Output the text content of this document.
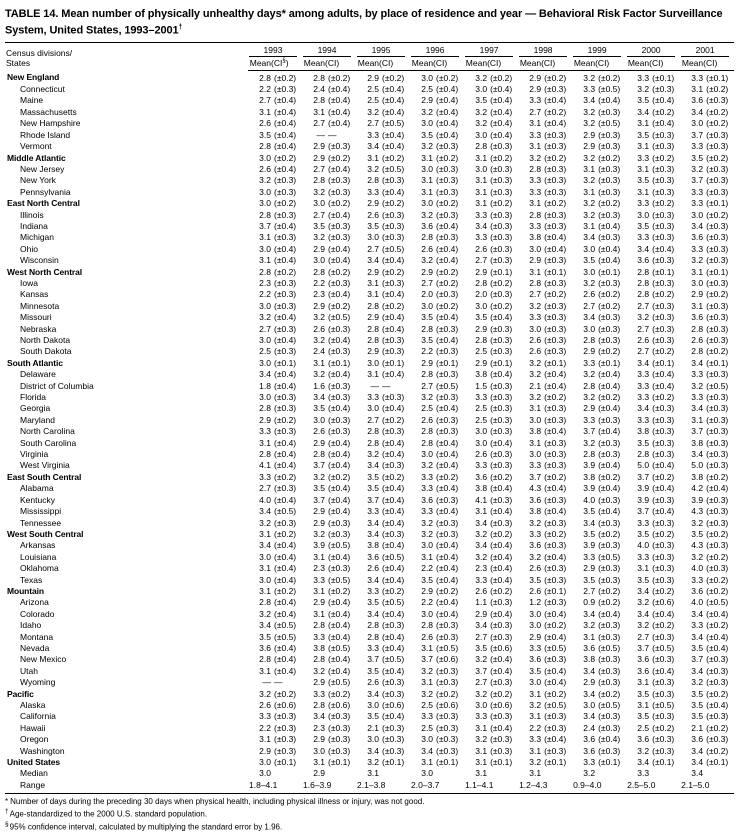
TABLE 14. Mean number of physically unhealthy days* among adults, by place of residence and year — Behavioral Risk Factor Surveillance System, United States, 1993–2001†
Census divisions/
States	1993		1994		1995		1996		1997		1998		1999		2000		2001	

	Mean	(CI§)	Mean	(CI)	Mean	(CI)	Mean	(CI)	Mean	(CI)	Mean	(CI)	Mean	(CI)	Mean	(CI)	Mean	(CI)
New England	2.8	(±0.2)	2.8	(±0.2)	2.9	(±0.2)	3.0	(±0.2)	3.2	(±0.2)	2.9	(±0.2)	3.2	(±0.2)	3.3	(±0.1)	3.3	(±0.1)
Connecticut	2.2	(±0.3)	2.4	(±0.4)	2.5	(±0.4)	2.5	(±0.4)	3.0	(±0.4)	2.9	(±0.3)	3.3	(±0.5)	3.2	(±0.3)	3.1	(±0.2)
Maine	2.7	(±0.4)	2.8	(±0.4)	2.5	(±0.4)	2.9	(±0.4)	3.5	(±0.4)	3.3	(±0.4)	3.4	(±0.4)	3.5	(±0.4)	3.6	(±0.3)
Massachusetts	3.1	(±0.4)	3.1	(±0.4)	3.2	(±0.4)	3.2	(±0.4)	3.2	(±0.4)	2.7	(±0.2)	3.2	(±0.3)	3.4	(±0.2)	3.4	(±0.2)
New Hampshire	2.6	(±0.4)	2.7	(±0.4)	2.7	(±0.5)	3.0	(±0.4)	3.2	(±0.4)	3.1	(±0.4)	3.2	(±0.5)	3.1	(±0.4)	3.0	(±0.2)
Rhode Island	3.5	(±0.4)	—	—	3.3	(±0.4)	3.5	(±0.4)	3.0	(±0.4)	3.3	(±0.3)	2.9	(±0.3)	3.5	(±0.3)	3.7	(±0.3)
Vermont	2.8	(±0.4)	2.9	(±0.3)	3.4	(±0.4)	3.2	(±0.3)	2.8	(±0.3)	3.1	(±0.3)	2.9	(±0.3)	3.1	(±0.3)	3.3	(±0.3)
Middle Atlantic	3.0	(±0.2)	2.9	(±0.2)	3.1	(±0.2)	3.1	(±0.2)	3.1	(±0.2)	3.2	(±0.2)	3.2	(±0.2)	3.3	(±0.2)	3.5	(±0.2)
New Jersey	2.6	(±0.4)	2.7	(±0.4)	3.2	(±0.5)	3.0	(±0.3)	3.0	(±0.3)	2.8	(±0.3)	3.1	(±0.3)	3.1	(±0.3)	3.2	(±0.3)
New York	3.2	(±0.3)	2.8	(±0.3)	2.8	(±0.3)	3.1	(±0.3)	3.1	(±0.3)	3.3	(±0.3)	3.2	(±0.3)	3.5	(±0.3)	3.7	(±0.3)
Pennsylvania	3.0	(±0.3)	3.2	(±0.3)	3.3	(±0.4)	3.1	(±0.3)	3.1	(±0.3)	3.3	(±0.3)	3.1	(±0.3)	3.1	(±0.3)	3.3	(±0.3)
East North Central	3.0	(±0.2)	3.0	(±0.2)	2.9	(±0.2)	3.0	(±0.2)	3.1	(±0.2)	3.1	(±0.2)	3.2	(±0.2)	3.3	(±0.2)	3.3	(±0.1)
Illinois	2.8	(±0.3)	2.7	(±0.4)	2.6	(±0.3)	3.2	(±0.3)	3.3	(±0.3)	2.8	(±0.3)	3.2	(±0.3)	3.0	(±0.3)	3.0	(±0.2)
Indiana	3.7	(±0.4)	3.5	(±0.3)	3.5	(±0.3)	3.6	(±0.4)	3.4	(±0.3)	3.3	(±0.3)	3.1	(±0.4)	3.5	(±0.3)	3.4	(±0.3)
Michigan	3.1	(±0.3)	3.2	(±0.3)	3.0	(±0.3)	2.8	(±0.3)	3.3	(±0.3)	3.8	(±0.4)	3.4	(±0.3)	3.3	(±0.3)	3.6	(±0.3)
Ohio	3.0	(±0.4)	2.9	(±0.4)	2.7	(±0.5)	2.6	(±0.4)	2.6	(±0.3)	3.0	(±0.4)	3.0	(±0.4)	3.4	(±0.4)	3.3	(±0.3)
Wisconsin	3.1	(±0.4)	3.0	(±0.4)	3.4	(±0.4)	3.2	(±0.4)	2.7	(±0.3)	2.9	(±0.3)	3.5	(±0.4)	3.6	(±0.3)	3.2	(±0.3)
West North Central	2.8	(±0.2)	2.8	(±0.2)	2.9	(±0.2)	2.9	(±0.2)	2.9	(±0.1)	3.1	(±0.1)	3.0	(±0.1)	2.8	(±0.1)	3.1	(±0.1)
Iowa	2.3	(±0.3)	2.2	(±0.3)	3.1	(±0.3)	2.7	(±0.2)	2.8	(±0.2)	2.8	(±0.3)	3.2	(±0.3)	2.8	(±0.3)	3.0	(±0.3)
Kansas	2.2	(±0.3)	2.3	(±0.4)	3.1	(±0.4)	2.0	(±0.3)	2.0	(±0.3)	2.7	(±0.2)	2.6	(±0.2)	2.8	(±0.2)	2.9	(±0.2)
Minnesota	3.0	(±0.3)	2.9	(±0.2)	2.8	(±0.2)	3.0	(±0.2)	3.0	(±0.2)	3.2	(±0.3)	2.7	(±0.2)	2.7	(±0.3)	3.1	(±0.3)
Missouri	3.2	(±0.4)	3.2	(±0.5)	2.9	(±0.4)	3.5	(±0.4)	3.5	(±0.4)	3.3	(±0.3)	3.4	(±0.3)	3.2	(±0.3)	3.6	(±0.3)
Nebraska	2.7	(±0.3)	2.6	(±0.3)	2.8	(±0.4)	2.8	(±0.3)	2.9	(±0.3)	3.0	(±0.3)	3.0	(±0.3)	2.7	(±0.3)	2.8	(±0.3)
North Dakota	3.0	(±0.4)	3.2	(±0.4)	2.8	(±0.3)	3.5	(±0.4)	2.8	(±0.3)	2.6	(±0.3)	2.8	(±0.3)	2.6	(±0.3)	2.6	(±0.3)
South Dakota	2.5	(±0.3)	2.4	(±0.3)	2.9	(±0.3)	2.2	(±0.3)	2.5	(±0.3)	2.6	(±0.3)	2.9	(±0.2)	2.7	(±0.2)	2.8	(±0.2)
South Atlantic	3.0	(±0.1)	3.1	(±0.1)	3.0	(±0.1)	2.9	(±0.1)	2.9	(±0.1)	3.2	(±0.1)	3.3	(±0.1)	3.4	(±0.1)	3.4	(±0.1)
Delaware	3.4	(±0.4)	3.2	(±0.4)	3.1	(±0.4)	2.8	(±0.3)	3.8	(±0.4)	3.2	(±0.4)	3.2	(±0.4)	3.3	(±0.4)	3.3	(±0.3)
District of Columbia	1.8	(±0.4)	1.6	(±0.3)	—	—	2.7	(±0.5)	1.5	(±0.3)	2.1	(±0.4)	2.8	(±0.4)	3.3	(±0.4)	3.2	(±0.5)
Florida	3.0	(±0.3)	3.4	(±0.3)	3.3	(±0.3)	3.2	(±0.3)	3.3	(±0.3)	3.2	(±0.2)	3.2	(±0.2)	3.3	(±0.2)	3.3	(±0.3)
Georgia	2.8	(±0.3)	3.5	(±0.4)	3.0	(±0.4)	2.5	(±0.4)	2.5	(±0.3)	3.1	(±0.3)	2.9	(±0.4)	3.4	(±0.3)	3.4	(±0.3)
Maryland	2.9	(±0.2)	3.0	(±0.3)	2.7	(±0.2)	2.6	(±0.3)	2.5	(±0.3)	3.0	(±0.3)	3.3	(±0.3)	3.3	(±0.3)	3.1	(±0.3)
North Carolina	3.3	(±0.3)	2.6	(±0.3)	2.8	(±0.3)	2.8	(±0.3)	3.0	(±0.3)	3.8	(±0.4)	3.7	(±0.4)	3.8	(±0.3)	3.7	(±0.3)
South Carolina	3.1	(±0.4)	2.9	(±0.4)	2.8	(±0.4)	2.8	(±0.4)	3.0	(±0.4)	3.1	(±0.3)	3.2	(±0.3)	3.5	(±0.3)	3.8	(±0.3)
Virginia	2.8	(±0.4)	2.8	(±0.4)	3.2	(±0.4)	3.0	(±0.4)	2.6	(±0.3)	3.0	(±0.3)	2.8	(±0.3)	2.8	(±0.3)	3.4	(±0.3)
West Virginia	4.1	(±0.4)	3.7	(±0.4)	3.4	(±0.3)	3.2	(±0.4)	3.3	(±0.3)	3.3	(±0.3)	3.9	(±0.4)	5.0	(±0.4)	5.0	(±0.3)
East South Central	3.3	(±0.2)	3.2	(±0.2)	3.5	(±0.2)	3.3	(±0.2)	3.6	(±0.2)	3.7	(±0.2)	3.8	(±0.2)	3.7	(±0.2)	3.8	(±0.2)
Alabama	2.7	(±0.3)	3.5	(±0.4)	3.5	(±0.4)	3.3	(±0.4)	3.8	(±0.4)	4.3	(±0.4)	3.9	(±0.4)	3.9	(±0.4)	4.2	(±0.4)
Kentucky	4.0	(±0.4)	3.7	(±0.4)	3.7	(±0.4)	3.6	(±0.3)	4.1	(±0.3)	3.6	(±0.3)	4.0	(±0.3)	3.9	(±0.3)	3.9	(±0.3)
Mississippi	3.4	(±0.5)	2.9	(±0.4)	3.3	(±0.4)	3.3	(±0.4)	3.1	(±0.4)	3.8	(±0.4)	3.5	(±0.4)	3.7	(±0.4)	4.3	(±0.3)
Tennessee	3.2	(±0.3)	2.9	(±0.3)	3.4	(±0.4)	3.2	(±0.3)	3.4	(±0.3)	3.2	(±0.3)	3.4	(±0.3)	3.3	(±0.3)	3.2	(±0.3)
West South Central	3.1	(±0.2)	3.2	(±0.3)	3.4	(±0.3)	3.2	(±0.3)	3.2	(±0.2)	3.3	(±0.2)	3.5	(±0.2)	3.5	(±0.2)	3.5	(±0.2)
Arkansas	3.4	(±0.4)	3.9	(±0.5)	3.8	(±0.4)	3.0	(±0.4)	3.4	(±0.4)	3.6	(±0.3)	3.9	(±0.3)	4.0	(±0.3)	4.3	(±0.3)
Louisiana	3.0	(±0.4)	3.1	(±0.4)	3.6	(±0.5)	3.1	(±0.4)	3.2	(±0.4)	3.2	(±0.4)	3.3	(±0.5)	3.3	(±0.3)	3.2	(±0.2)
Oklahoma	3.1	(±0.4)	2.3	(±0.3)	2.6	(±0.4)	2.2	(±0.4)	2.3	(±0.4)	2.6	(±0.3)	2.9	(±0.3)	3.1	(±0.3)	4.0	(±0.3)
Texas	3.0	(±0.4)	3.3	(±0.5)	3.4	(±0.4)	3.5	(±0.4)	3.3	(±0.4)	3.5	(±0.3)	3.5	(±0.3)	3.5	(±0.3)	3.3	(±0.2)
Mountain	3.1	(±0.2)	3.1	(±0.2)	3.3	(±0.2)	2.9	(±0.2)	2.6	(±0.2)	2.6	(±0.1)	2.7	(±0.2)	3.4	(±0.2)	3.6	(±0.2)
Arizona	2.8	(±0.4)	2.9	(±0.4)	3.5	(±0.5)	2.2	(±0.4)	1.1	(±0.3)	1.2	(±0.3)	0.9	(±0.2)	3.2	(±0.6)	4.0	(±0.5)
Colorado	3.2	(±0.4)	3.1	(±0.4)	3.4	(±0.4)	3.0	(±0.4)	2.9	(±0.4)	3.0	(±0.4)	3.4	(±0.4)	3.4	(±0.4)	3.4	(±0.4)
Idaho	3.4	(±0.5)	2.8	(±0.4)	2.8	(±0.3)	2.8	(±0.3)	3.4	(±0.3)	3.0	(±0.2)	3.2	(±0.3)	3.2	(±0.2)	3.3	(±0.2)
Montana	3.5	(±0.5)	3.3	(±0.4)	2.8	(±0.4)	2.6	(±0.3)	2.7	(±0.3)	2.9	(±0.4)	3.1	(±0.3)	2.7	(±0.3)	3.4	(±0.4)
Nevada	3.6	(±0.4)	3.8	(±0.5)	3.3	(±0.4)	3.1	(±0.5)	3.5	(±0.6)	3.3	(±0.5)	3.6	(±0.5)	3.7	(±0.5)	3.5	(±0.4)
New Mexico	2.8	(±0.4)	2.8	(±0.4)	3.7	(±0.5)	3.7	(±0.6)	3.2	(±0.4)	3.6	(±0.3)	3.8	(±0.3)	3.6	(±0.3)	3.7	(±0.3)
Utah	3.1	(±0.4)	3.2	(±0.4)	3.5	(±0.4)	3.2	(±0.3)	3.7	(±0.4)	3.5	(±0.4)	3.4	(±0.3)	3.6	(±0.4)	3.4	(±0.3)
Wyoming	—	—	2.9	(±0.5)	2.6	(±0.3)	3.1	(±0.3)	2.7	(±0.3)	3.0	(±0.4)	2.9	(±0.3)	3.1	(±0.3)	3.2	(±0.3)
Pacific	3.2	(±0.2)	3.3	(±0.2)	3.4	(±0.3)	3.2	(±0.2)	3.2	(±0.2)	3.1	(±0.2)	3.4	(±0.2)	3.5	(±0.3)	3.5	(±0.2)
Alaska	2.6	(±0.6)	2.8	(±0.6)	3.0	(±0.6)	2.5	(±0.6)	3.0	(±0.6)	3.2	(±0.5)	3.0	(±0.5)	3.1	(±0.5)	3.5	(±0.4)
California	3.3	(±0.3)	3.4	(±0.3)	3.5	(±0.4)	3.3	(±0.3)	3.3	(±0.3)	3.1	(±0.3)	3.4	(±0.3)	3.5	(±0.3)	3.5	(±0.3)
Hawaii	2.2	(±0.3)	2.3	(±0.3)	2.1	(±0.3)	2.5	(±0.3)	3.1	(±0.4)	2.2	(±0.3)	2.4	(±0.3)	2.5	(±0.2)	2.1	(±0.2)
Oregon	3.1	(±0.3)	2.9	(±0.3)	3.0	(±0.3)	3.0	(±0.3)	3.2	(±0.3)	3.3	(±0.4)	3.6	(±0.4)	3.6	(±0.3)	3.6	(±0.3)
Washington	2.9	(±0.3)	3.0	(±0.3)	3.4	(±0.3)	3.4	(±0.3)	3.1	(±0.3)	3.1	(±0.3)	3.6	(±0.3)	3.2	(±0.3)	3.4	(±0.2)
United States	3.0	(±0.1)	3.1	(±0.1)	3.2	(±0.1)	3.1	(±0.1)	3.1	(±0.1)	3.2	(±0.1)	3.3	(±0.1)	3.4	(±0.1)	3.4	(±0.1)
Median	3.0		2.9		3.1		3.0		3.1		3.1		3.2		3.3		3.4	
Range	1.8–4.1		1.6–3.9		2.1–3.8		2.0–3.7		1.1–4.1		1.2–4.3		0.9–4.0		2.5–5.0		2.1–5.0	
* Number of days during the preceding 30 days when physical health, including physical illness or injury, was not good.
†Age-standardized to the 2000 U.S. standard population.
§95% confidence interval, calculated by multiplying the standard error by 1.96.
